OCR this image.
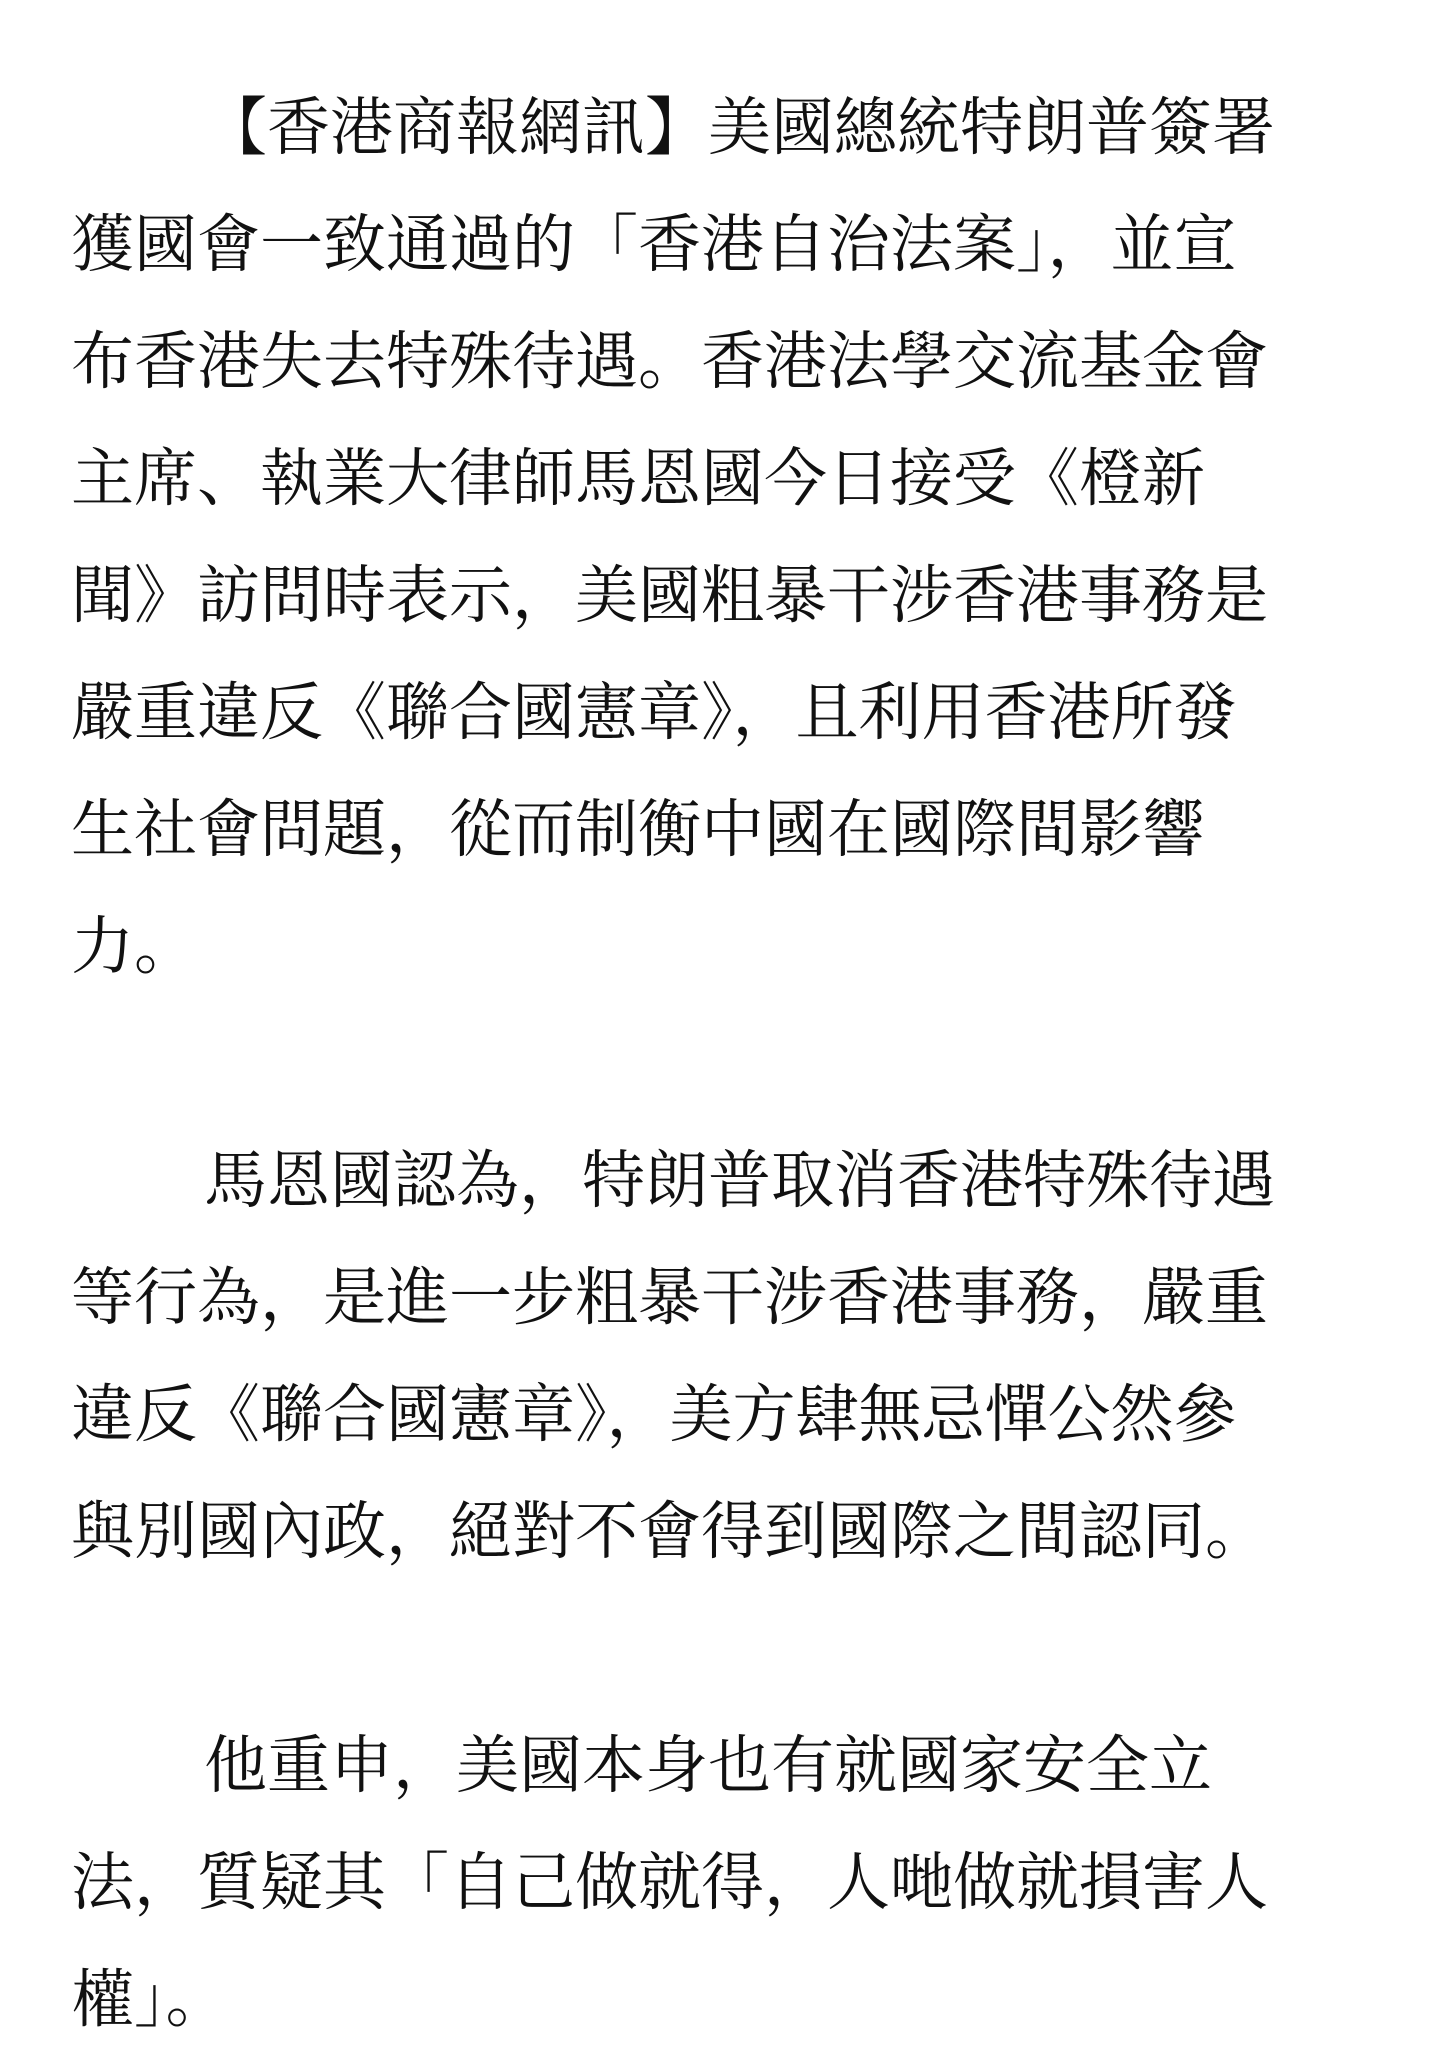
【香港商報網訊】美國總統特朗普簽署
獲國會一致通過的「香港自治法案」，並宣
布香港失去特殊待遇。香港法學交流基金會
主席、執業大律師馬恩國今日接受《橙新
聞》訪問時表示，美國粗暴干涉香港事務是
嚴重違反《聯合國憲章》，且利用香港所發
生社會問題，從而制衡中國在國際間影響
力。
馬恩國認為，特朗普取消香港特殊待遇
等行為，是進一步粗暴干涉香港事務，嚴重
違反《聯合國憲章》，美方肆無忌憚公然參
與別國內政，絕對不會得到國際之間認同。
他重申，美國本身也有就國家安全立
法，質疑其「自己做就得，人哋做就損害人
權」。
